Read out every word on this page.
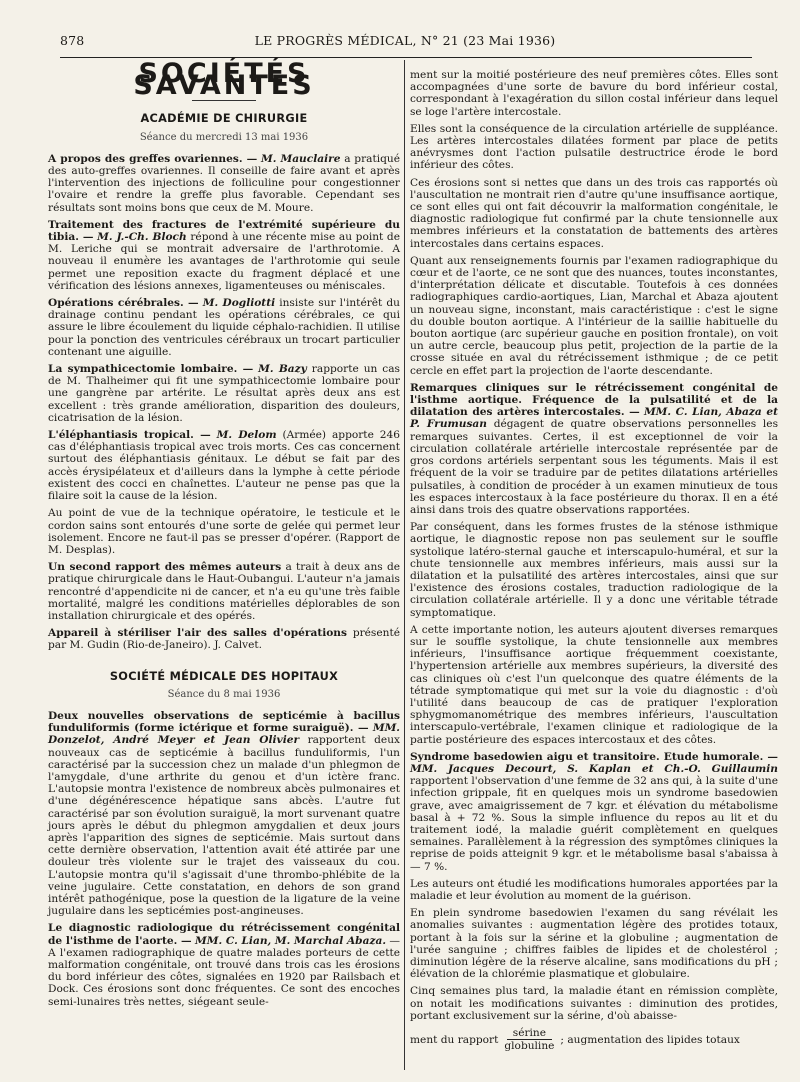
878	LE PROGRÈS MÉDICAL, N° 21 (23 Mai 1936)
SOCIÉTÉS SAVANTES
ACADÉMIE DE CHIRURGIE
Séance du mercredi 13 mai 1936

A propos des greffes ovariennes. — M. Mauclaire a pratiqué des auto-greffes ovariennes. Il conseille de faire avant et après l'intervention des injections de folliculine pour congestionner l'ovaire et rendre la greffe plus favorable. Cependant ses résultats sont moins bons que ceux de M. Moure.

Traitement des fractures de l'extrémité supérieure du tibia. — M. J.-Ch. Bloch répond à une récente mise au point de M. Leriche qui se montrait adversaire de l'arthrotomie. A nouveau il enumère les avantages de l'arthrotomie qui seule permet une reposition exacte du fragment déplacé et une vérification des lésions annexes, ligamenteuses ou méniscales.

Opérations cérébrales. — M. Dogliotti insiste sur l'intérêt du drainage continu pendant les opérations cérébrales, ce qui assure le libre écoulement du liquide céphalo-rachidien. Il utilise pour la ponction des ventricules cérébraux un trocart particulier contenant une aiguille.

La sympathicectomie lombaire. — M. Bazy rapporte un cas de M. Thalheimer qui fit une sympathicectomie lombaire pour une gangrène par artérite. Le résultat après deux ans est excellent : très grande amélioration, disparition des douleurs, cicatrisation de la lésion.

L'éléphantiasis tropical. — M. Delom (Armée) apporte 246 cas d'éléphantiasis tropical avec trois morts. Ces cas concernent surtout des éléphantiasis génitaux. Le début se fait par des accès érysipélateux et d'ailleurs dans la lymphe à cette période existent des cocci en chaînettes. L'auteur ne pense pas que la filaire soit la cause de la lésion.

Au point de vue de la technique opératoire, le testicule et le cordon sains sont entourés d'une sorte de gelée qui permet leur isolement. Encore ne faut-il pas se presser d'opérer. (Rapport de M. Desplas).

Un second rapport des mêmes auteurs a trait à deux ans de pratique chirurgicale dans le Haut-Oubangui. L'auteur n'a jamais rencontré d'appendicite ni de cancer, et n'a eu qu'une très faible mortalité, malgré les conditions matérielles déplorables de son installation chirurgicale et des opérés.

Appareil à stériliser l'air des salles d'opérations présenté par M. Gudin (Rio-de-Janeiro). J. Calvet.

SOCIÉTÉ MÉDICALE DES HOPITAUX
Séance du 8 mai 1936

Deux nouvelles observations de septicémie à bacillus funduliformis (forme ictérique et forme suraiguë). — MM. Donzelot, André Meyer et Jean Olivier rapportent deux nouveaux cas de septicémie à bacillus funduliformis, l'un caractérisé par la succession chez un malade d'un phlegmon de l'amygdale, d'une arthrite du genou et d'un ictère franc. L'autopsie montra l'existence de nombreux abcès pulmonaires et d'une dégénérescence hépatique sans abcès. L'autre fut caractérisé par son évolution suraiguë, la mort survenant quatre jours après le début du phlegmon amygdalien et deux jours après l'apparition des signes de septicémie. Mais surtout dans cette dernière observation, l'attention avait été attirée par une douleur très violente sur le trajet des vaisseaux du cou. L'autopsie montra qu'il s'agissait d'une thrombo-phlébite de la veine jugulaire. Cette constatation, en dehors de son grand intérêt pathogénique, pose la question de la ligature de la veine jugulaire dans les septicémies post-angineuses.

Le diagnostic radiologique du rétrécissement congénital de l'isthme de l'aorte. — MM. C. Lian, M. Marchal Abaza. — A l'examen radiographique de quatre malades porteurs de cette malformation congénitale, ont trouvé dans trois cas les érosions du bord inférieur des côtes, signalées en 1920 par Railsbach et Dock. Ces érosions sont donc fréquentes. Ce sont des encoches semi-lunaires très nettes, siégeant seule-

ment sur la moitié postérieure des neuf premières côtes. Elles sont accompagnées d'une sorte de bavure du bord inférieur costal, correspondant à l'exagération du sillon costal inférieur dans lequel se loge l'artère intercostale.

Elles sont la conséquence de la circulation artérielle de suppléance. Les artères intercostales dilatées forment par place de petits anévrysmes dont l'action pulsatile destructrice érode le bord inférieur des côtes.

Ces érosions sont si nettes que dans un des trois cas rapportés où l'auscultation ne montrait rien d'autre qu'une insuffisance aortique, ce sont elles qui ont fait découvrir la malformation congénitale, le diagnostic radiologique fut confirmé par la chute tensionnelle aux membres inférieurs et la constatation de battements des artères intercostales dans certains espaces.

Quant aux renseignements fournis par l'examen radiographique du cœur et de l'aorte, ce ne sont que des nuances, toutes inconstantes, d'interprétation délicate et discutable. Toutefois à ces données radiographiques cardio-aortiques, Lian, Marchal et Abaza ajoutent un nouveau signe, inconstant, mais caractéristique : c'est le signe du double bouton aortique. A l'intérieur de la saillie habituelle du bouton aortique (arc supérieur gauche en position frontale), on voit un autre cercle, beaucoup plus petit, projection de la partie de la crosse située en aval du rétrécissement isthmique ; de ce petit cercle en effet part la projection de l'aorte descendante.

Remarques cliniques sur le rétrécissement congénital de l'isthme aortique. Fréquence de la pulsatilité et de la dilatation des artères intercostales. — MM. C. Lian, Abaza et P. Frumusan dégagent de quatre observations personnelles les remarques suivantes. Certes, il est exceptionnel de voir la circulation collatérale artérielle intercostale représentée par de gros cordons artériels serpentant sous les téguments. Mais il est fréquent de la voir se traduire par de petites dilatations artérielles pulsatiles, à condition de procéder à un examen minutieux de tous les espaces intercostaux à la face postérieure du thorax. Il en a été ainsi dans trois des quatre observations rapportées.

Par conséquent, dans les formes frustes de la sténose isthmique aortique, le diagnostic repose non pas seulement sur le souffle systolique latéro-sternal gauche et interscapulo-huméral, et sur la chute tensionnelle aux membres inférieurs, mais aussi sur la dilatation et la pulsatilité des artères intercostales, ainsi que sur l'existence des érosions costales, traduction radiologique de la circulation collatérale artérielle. Il y a donc une véritable tétrade symptomatique.

A cette importante notion, les auteurs ajoutent diverses remarques sur le souffle systolique, la chute tensionnelle aux membres inférieurs, l'insuffisance aortique fréquemment coexistante, l'hypertension artérielle aux membres supérieurs, la diversité des cas cliniques où c'est l'un quelconque des quatre éléments de la tétrade symptomatique qui met sur la voie du diagnostic : d'où l'utilité dans beaucoup de cas de pratiquer l'exploration sphygmomanométrique des membres inférieurs, l'auscultation interscapulo-vertébrale, l'examen clinique et radiologique de la partie postérieure des espaces intercostaux et des côtes.

Syndrome basedowien aigu et transitoire. Etude humorale. — MM. Jacques Decourt, S. Kaplan et Ch.-O. Guillaumin rapportent l'observation d'une femme de 32 ans qui, à la suite d'une infection grippale, fit en quelques mois un syndrome basedowien grave, avec amaigrissement de 7 kgr. et élévation du métabolisme basal à + 72 %. Sous la simple influence du repos au lit et du traitement iodé, la maladie guérit complètement en quelques semaines. Parallèlement à la régression des symptômes cliniques la reprise de poids atteignit 9 kgr. et le métabolisme basal s'abaissa à — 7 %.

Les auteurs ont étudié les modifications humorales apportées par la maladie et leur évolution au moment de la guérison.

En plein syndrome basedowien l'examen du sang révélait les anomalies suivantes : augmentation légère des protides totaux, portant à la fois sur la sérine et la globuline ; augmentation de l'urée sanguine ; chiffres faibles de lipides et de cholestérol ; diminution légère de la réserve alcaline, sans modifications du pH ; élévation de la chlorémie plasmatique et globulaire.

Cinq semaines plus tard, la maladie étant en rémission complète, on notait les modifications suivantes : diminution des protides, portant exclusivement sur la sérine, d'où abaisse-

ment du rapport $\frac{\text{sérine}}{\text{globuline}}$ ; augmentation des lipides totaux
